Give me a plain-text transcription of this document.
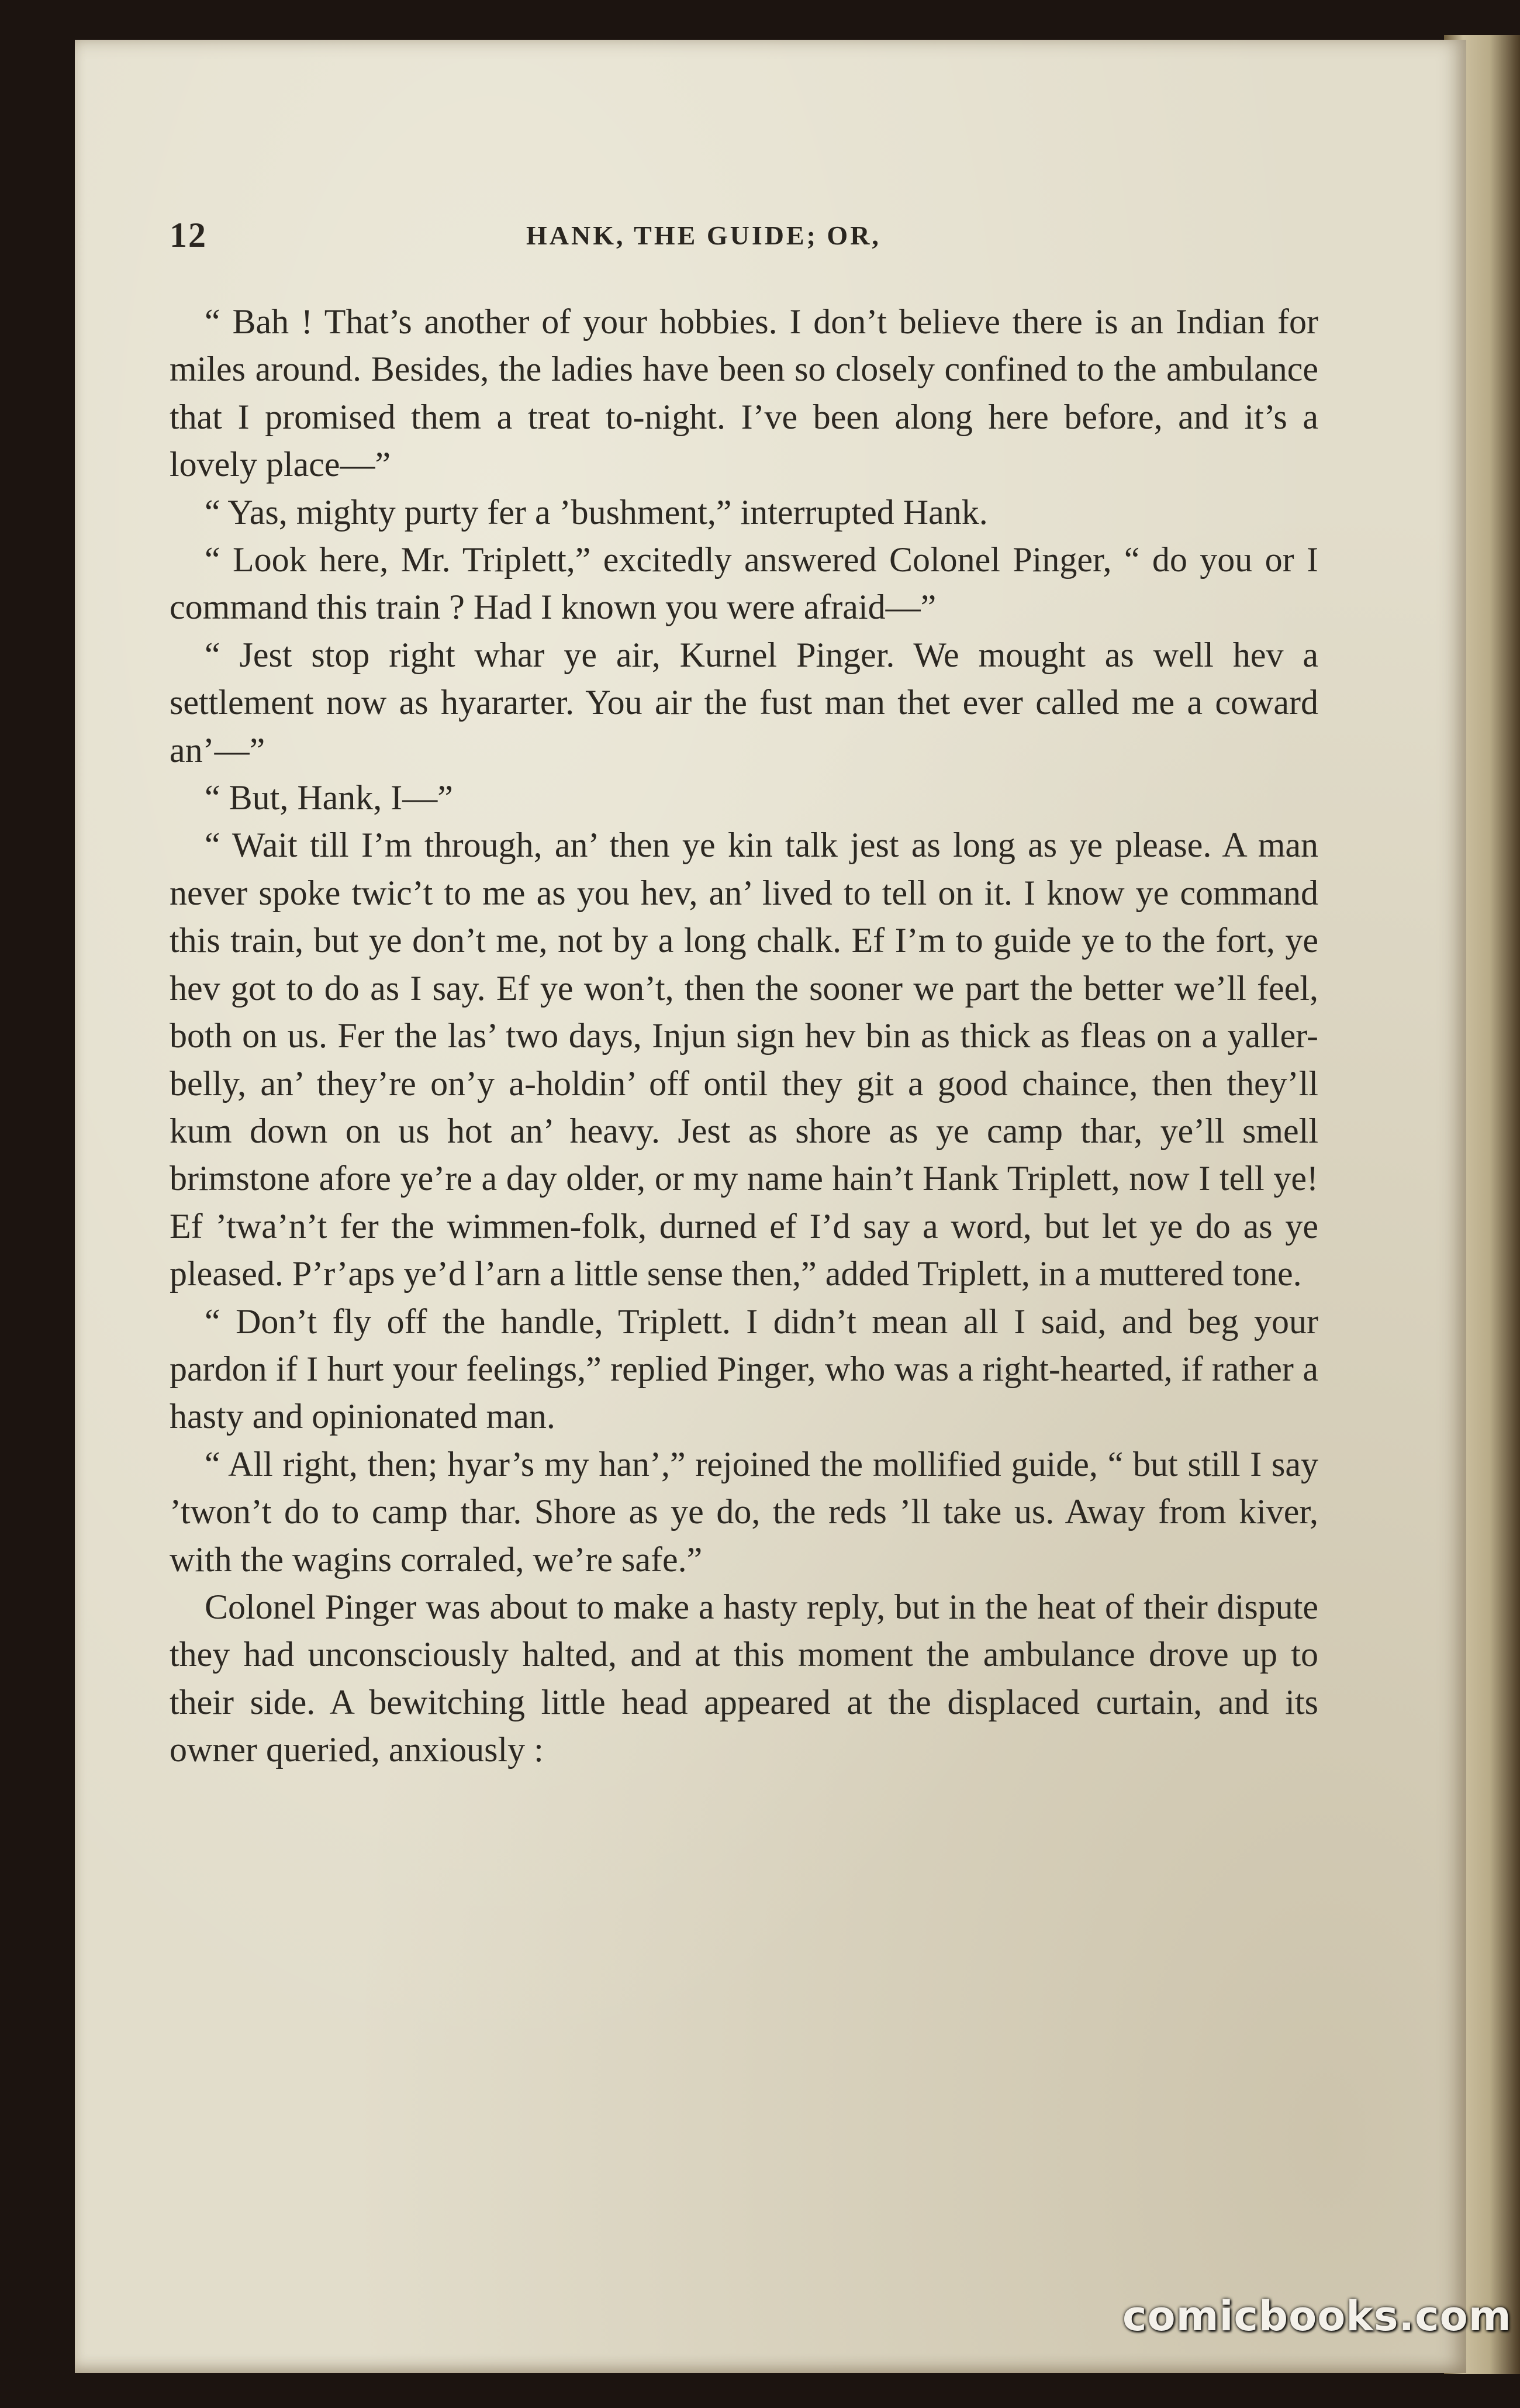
12	HANK, THE GUIDE; OR,

“ Bah ! That’s another of your hobbies. I don’t believe there is an Indian for miles around. Besides, the ladies have been so closely confined to the ambulance that I promised them a treat to-night. I’ve been along here before, and it’s a lovely place—”

“ Yas, mighty purty fer a ’bushment,” interrupted Hank.

“ Look here, Mr. Triplett,” excitedly answered Colonel Pinger, “ do you or I command this train ? Had I known you were afraid—”

“ Jest stop right whar ye air, Kurnel Pinger. We mought as well hev a settlement now as hyararter. You air the fust man thet ever called me a coward an’—”

“ But, Hank, I—”

“ Wait till I’m through, an’ then ye kin talk jest as long as ye please. A man never spoke twic’t to me as you hev, an’ lived to tell on it. I know ye command this train, but ye don’t me, not by a long chalk. Ef I’m to guide ye to the fort, ye hev got to do as I say. Ef ye won’t, then the sooner we part the better we’ll feel, both on us. Fer the las’ two days, Injun sign hev bin as thick as fleas on a yaller-belly, an’ they’re on’y a-holdin’ off ontil they git a good chaince, then they’ll kum down on us hot an’ heavy. Jest as shore as ye camp thar, ye’ll smell brimstone afore ye’re a day older, or my name hain’t Hank Triplett, now I tell ye! Ef ’twa’n’t fer the wimmen-folk, durned ef I’d say a word, but let ye do as ye pleased. P’r’aps ye’d l’arn a little sense then,” added Triplett, in a muttered tone.

“ Don’t fly off the handle, Triplett. I didn’t mean all I said, and beg your pardon if I hurt your feelings,” replied Pinger, who was a right-hearted, if rather a hasty and opinionated man.

“ All right, then; hyar’s my han’,” rejoined the mollified guide, “ but still I say ’twon’t do to camp thar. Shore as ye do, the reds ’ll take us. Away from kiver, with the wagins corraled, we’re safe.”

Colonel Pinger was about to make a hasty reply, but in the heat of their dispute they had unconsciously halted, and at this moment the ambulance drove up to their side. A bewitching little head appeared at the displaced curtain, and its owner queried, anxiously :

comicbooks.com
